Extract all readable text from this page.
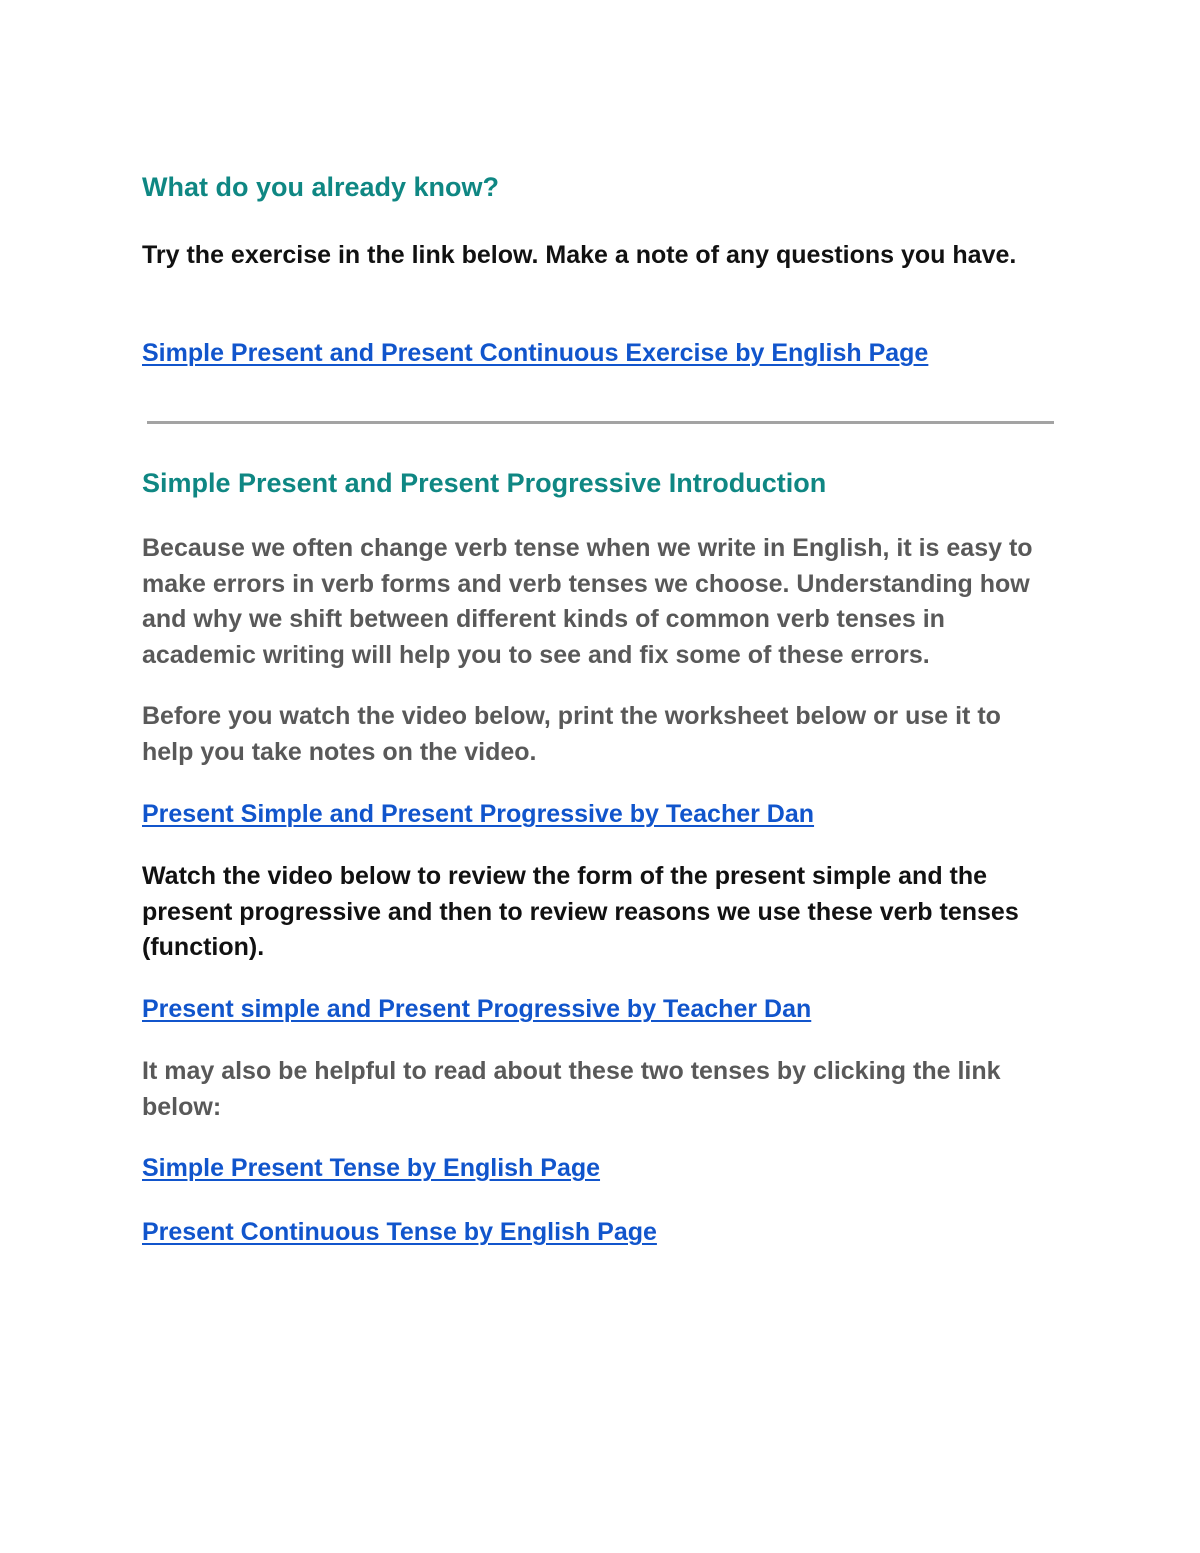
What do you already know?

Try the exercise in the link below. Make a note of any questions you have.

Simple Present and Present Continuous Exercise by English Page
Simple Present and Present Progressive Introduction

Because we often change verb tense when we write in English, it is easy to make errors in verb forms and verb tenses we choose. Understanding how and why we shift between different kinds of common verb tenses in academic writing will help you to see and fix some of these errors.

Before you watch the video below, print the worksheet below or use it to help you take notes on the video.

Present Simple and Present Progressive by Teacher Dan

Watch the video below to review the form of the present simple and the present progressive and then to review reasons we use these verb tenses (function).

Present simple and Present Progressive by Teacher Dan

It may also be helpful to read about these two tenses by clicking the link below:

Simple Present Tense by English Page
Present Continuous Tense by English Page
